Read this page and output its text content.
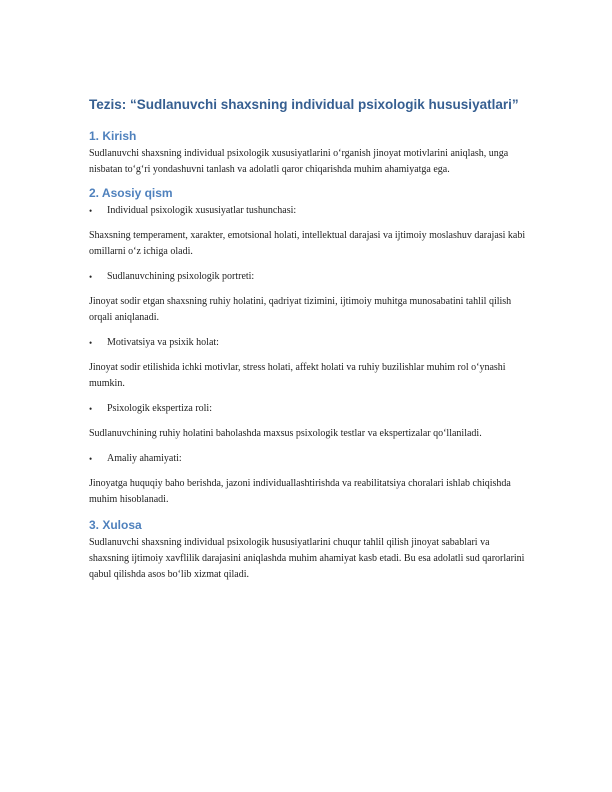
Tezis: “Sudlanuvchi shaxsning individual psixologik hususiyatlari”
1. Kirish

Sudlanuvchi shaxsning individual psixologik xususiyatlarini o‘rganish jinoyat motivlarini aniqlash, unga nisbatan to‘g‘ri yondashuvni tanlash va adolatli qaror chiqarishda muhim ahamiyatga ega.

2. Asosiy qism
•	Individual psixologik xususiyatlar tushunchasi:

Shaxsning temperament, xarakter, emotsional holati, intellektual darajasi va ijtimoiy moslashuv darajasi kabi omillarni o‘z ichiga oladi.

•	Sudlanuvchining psixologik portreti:

Jinoyat sodir etgan shaxsning ruhiy holatini, qadriyat tizimini, ijtimoiy muhitga munosabatini tahlil qilish orqali aniqlanadi.

•	Motivatsiya va psixik holat:

Jinoyat sodir etilishida ichki motivlar, stress holati, affekt holati va ruhiy buzilishlar muhim rol o‘ynashi mumkin.

•	Psixologik ekspertiza roli:

Sudlanuvchining ruhiy holatini baholashda maxsus psixologik testlar va ekspertizalar qo‘llaniladi.

•	Amaliy ahamiyati:

Jinoyatga huquqiy baho berishda, jazoni individuallashtirishda va reabilitatsiya choralari ishlab chiqishda muhim hisoblanadi.

3. Xulosa

Sudlanuvchi shaxsning individual psixologik hususiyatlarini chuqur tahlil qilish jinoyat sabablari va shaxsning ijtimoiy xavflilik darajasini aniqlashda muhim ahamiyat kasb etadi. Bu esa adolatli sud qarorlarini qabul qilishda asos bo‘lib xizmat qiladi.
